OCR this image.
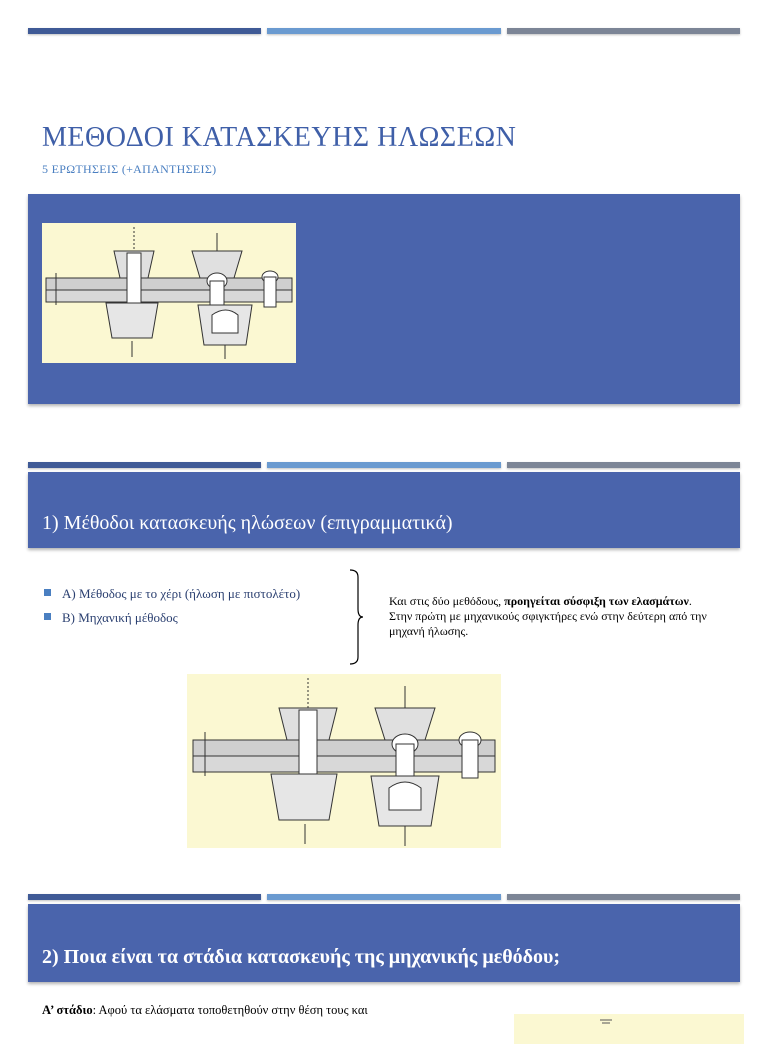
ΜΕΘΟΔΟΙ ΚΑΤΑΣΚΕΥΗΣ ΗΛΩΣΕΩΝ

5 ΕΡΩΤΗΣΕΙΣ (+ΑΠΑΝΤΗΣΕΙΣ)

1) Μέθοδοι κατασκευής ηλώσεων (επιγραμματικά)
Α) Μέθοδος με το χέρι (ήλωση με πιστολέτο)
Β) Μηχανική μέθοδος

Και στις δύο μεθόδους, προηγείται σύσφιξη των ελασμάτων. Στην πρώτη με μηχανικούς σφιγκτήρες ενώ στην δεύτερη από την μηχανή ήλωσης.

2) Ποια είναι τα στάδια κατασκευής της μηχανικής μεθόδου;

Α’ στάδιο: Αφού τα ελάσματα τοποθετηθούν στην θέση τους και
